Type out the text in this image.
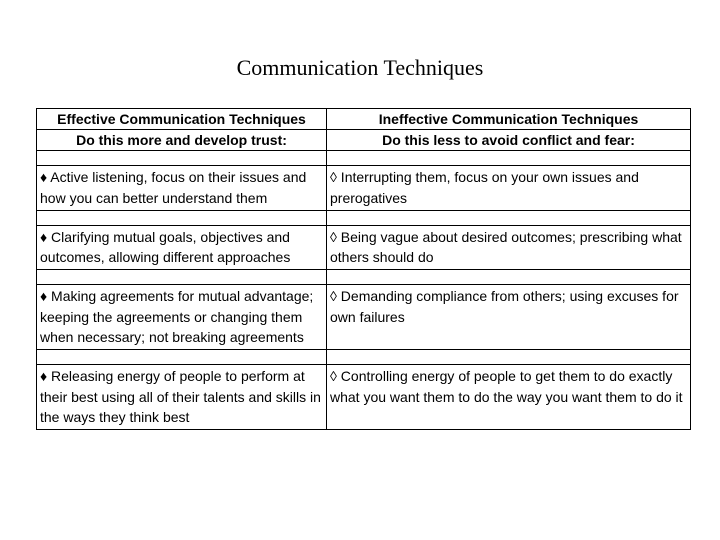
Communication Techniques
Effective Communication Techniques	Ineffective Communication Techniques
Do this more and develop trust:	Do this less to avoid conflict and fear:

♦ Active listening, focus on their issues and how you can better understand them	◊ Interrupting them, focus on your own issues and prerogatives

♦ Clarifying mutual goals, objectives and outcomes, allowing different approaches	◊ Being vague about desired outcomes; prescribing what others should do

♦ Making agreements for mutual advantage; keeping the agreements or changing them when necessary; not breaking agreements	◊ Demanding compliance from others; using excuses for own failures

♦ Releasing energy of people to perform at their best using all of their talents and skills in the ways they think best	◊ Controlling energy of people to get them to do exactly what you want them to do the way you want them to do it
